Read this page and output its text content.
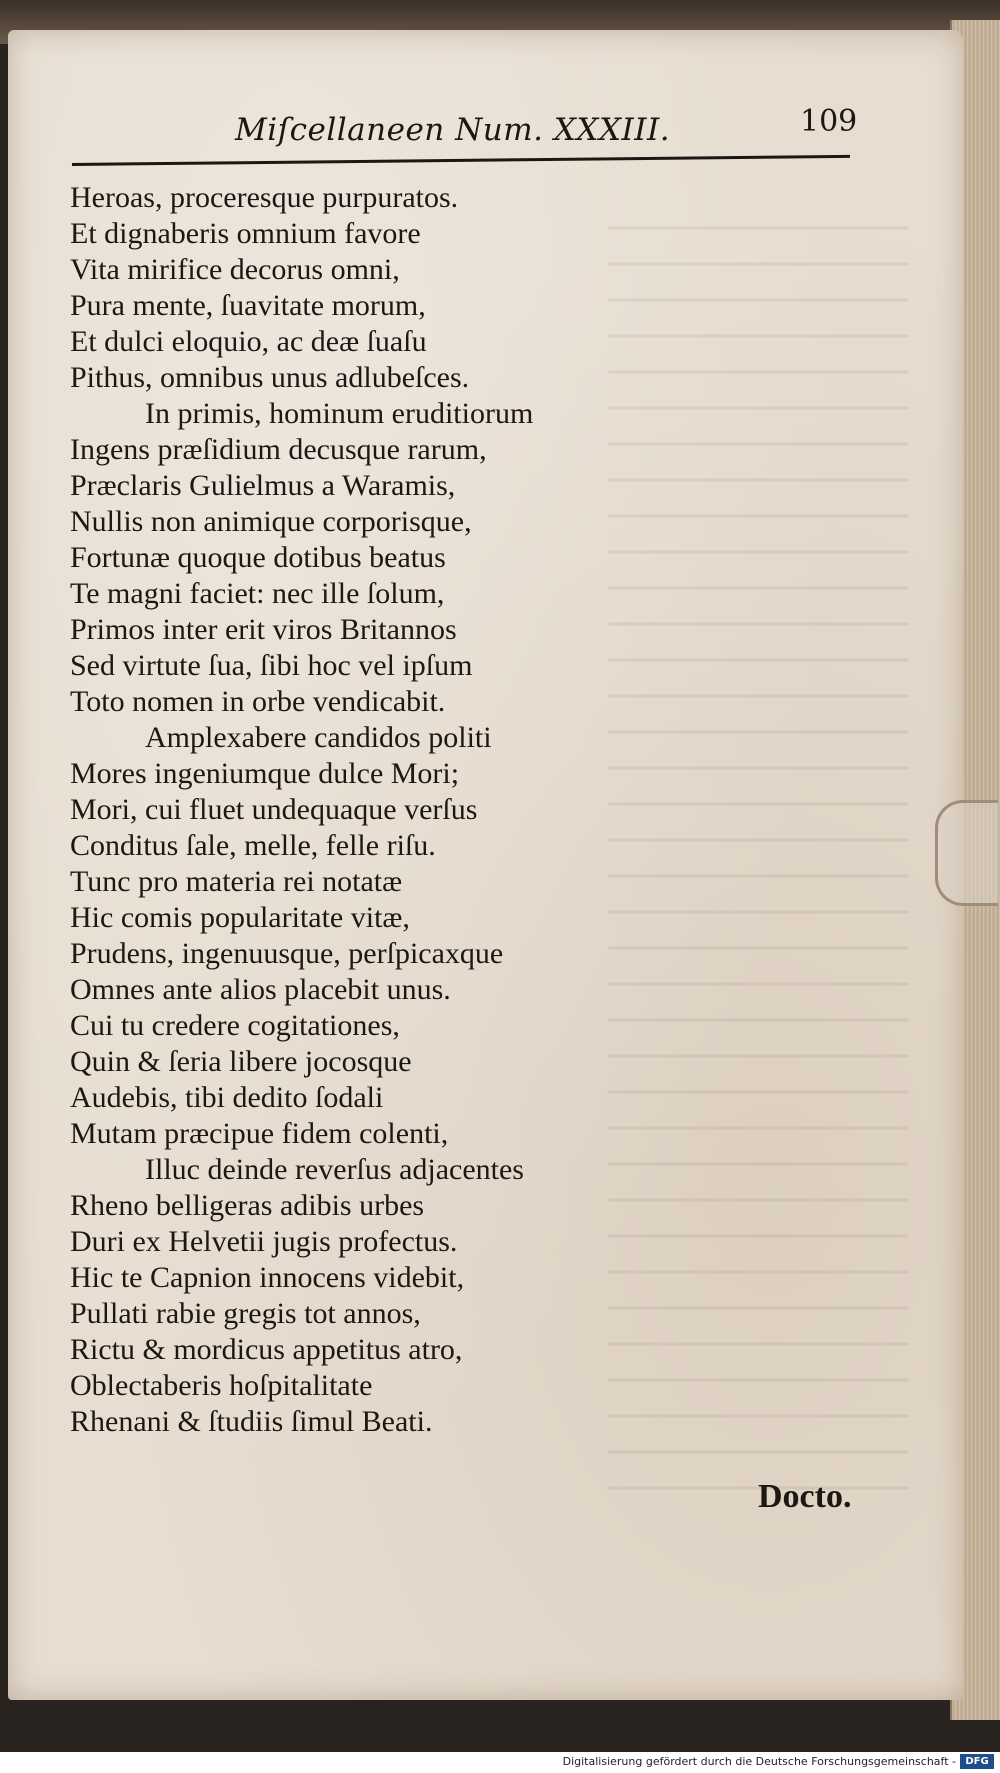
Miſcellaneen Num. XXXIII.	109
Heroas, proceresque purpuratos.
Et dignaberis omnium favore
Vita mirifice decorus omni,
Pura mente, ſuavitate morum,
Et dulci eloquio, ac deæ ſuaſu
Pithus, omnibus unus adlubeſces.
In primis, hominum eruditiorum
Ingens præſidium decusque rarum,
Præclaris Gulielmus a Waramis,
Nullis non animique corporisque,
Fortunæ quoque dotibus beatus
Te magni faciet: nec ille ſolum,
Primos inter erit viros Britannos
Sed virtute ſua, ſibi hoc vel ipſum
Toto nomen in orbe vendicabit.
Amplexabere candidos politi
Mores ingeniumque dulce Mori;
Mori, cui fluet undequaque verſus
Conditus ſale, melle, felle riſu.
Tunc pro materia rei notatæ
Hic comis popularitate vitæ,
Prudens, ingenuusque, perſpicaxque
Omnes ante alios placebit unus.
Cui tu credere cogitationes,
Quin & ſeria libere jocosque
Audebis, tibi dedito ſodali
Mutam præcipue fidem colenti,
Illuc deinde reverſus adjacentes
Rheno belligeras adibis urbes
Duri ex Helvetii jugis profectus.
Hic te Capnion innocens videbit,
Pullati rabie gregis tot annos,
Rictu & mordicus appetitus atro,
Oblectaberis hoſpitalitate
Rhenani & ſtudiis ſimul Beati.
Docto.
Digitalisierung gefördert durch die Deutsche Forschungsgemeinschaft - DFG
